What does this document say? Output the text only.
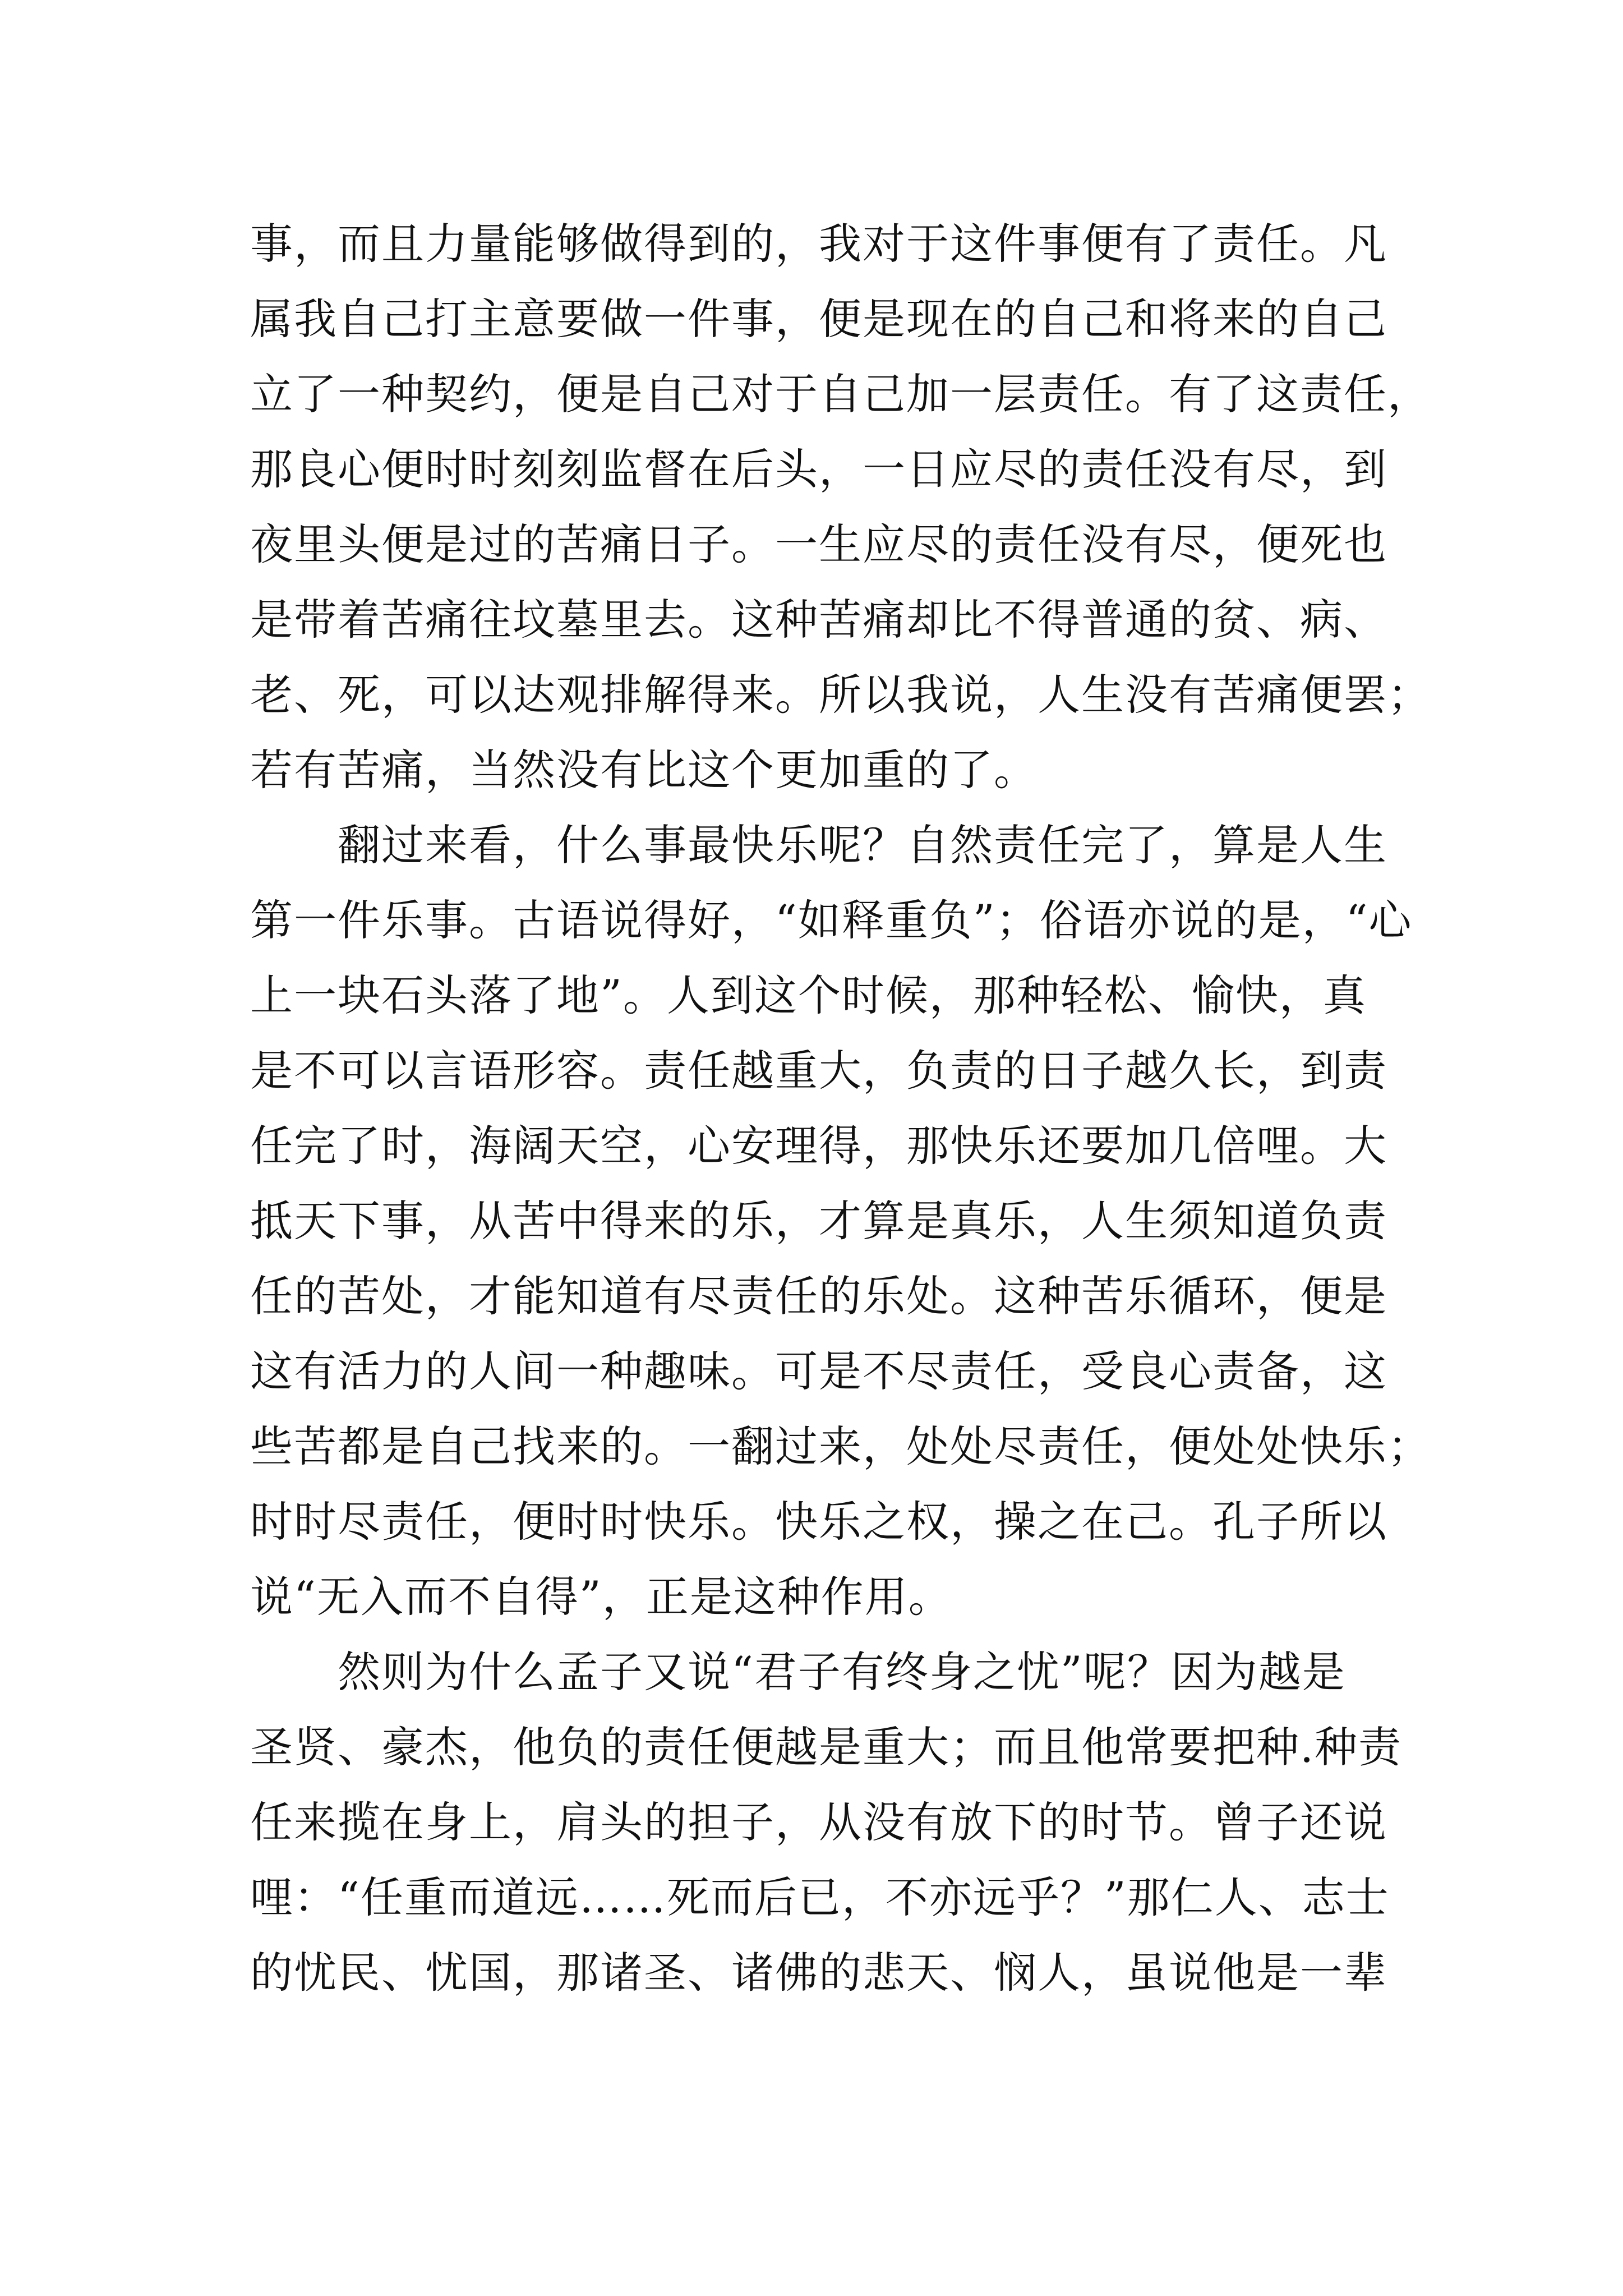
事，而且力量能够做得到的，我对于这件事便有了责任。凡
属我自己打主意要做一件事，便是现在的自己和将来的自己
立了一种契约，便是自己对于自己加一层责任。有了这责任，
那良心便时时刻刻监督在后头，一日应尽的责任没有尽，到
夜里头便是过的苦痛日子。一生应尽的责任没有尽，便死也
是带着苦痛往坟墓里去。这种苦痛却比不得普通的贫、病、
老、死，可以达观排解得来。所以我说，人生没有苦痛便罢；
若有苦痛，当然没有比这个更加重的了。
　　翻过来看，什么事最快乐呢？自然责任完了，算是人生
第一件乐事。古语说得好，“如释重负”；俗语亦说的是，“心
上一块石头落了地”。人到这个时候，那种轻松、愉快，真
是不可以言语形容。责任越重大，负责的日子越久长，到责
任完了时，海阔天空，心安理得，那快乐还要加几倍哩。大
抵天下事，从苦中得来的乐，才算是真乐，人生须知道负责
任的苦处，才能知道有尽责任的乐处。这种苦乐循环，便是
这有活力的人间一种趣味。可是不尽责任，受良心责备，这
些苦都是自己找来的。一翻过来，处处尽责任，便处处快乐；
时时尽责任，便时时快乐。快乐之权，操之在己。孔子所以
说“无入而不自得”，正是这种作用。
　　然则为什么孟子又说“君子有终身之忧”呢？因为越是
圣贤、豪杰，他负的责任便越是重大；而且他常要把种.种责
任来揽在身上，肩头的担子，从没有放下的时节。曾子还说
哩：“任重而道远……死而后已，不亦远乎？”那仁人、志士
的忧民、忧国，那诸圣、诸佛的悲天、悯人，虽说他是一辈
